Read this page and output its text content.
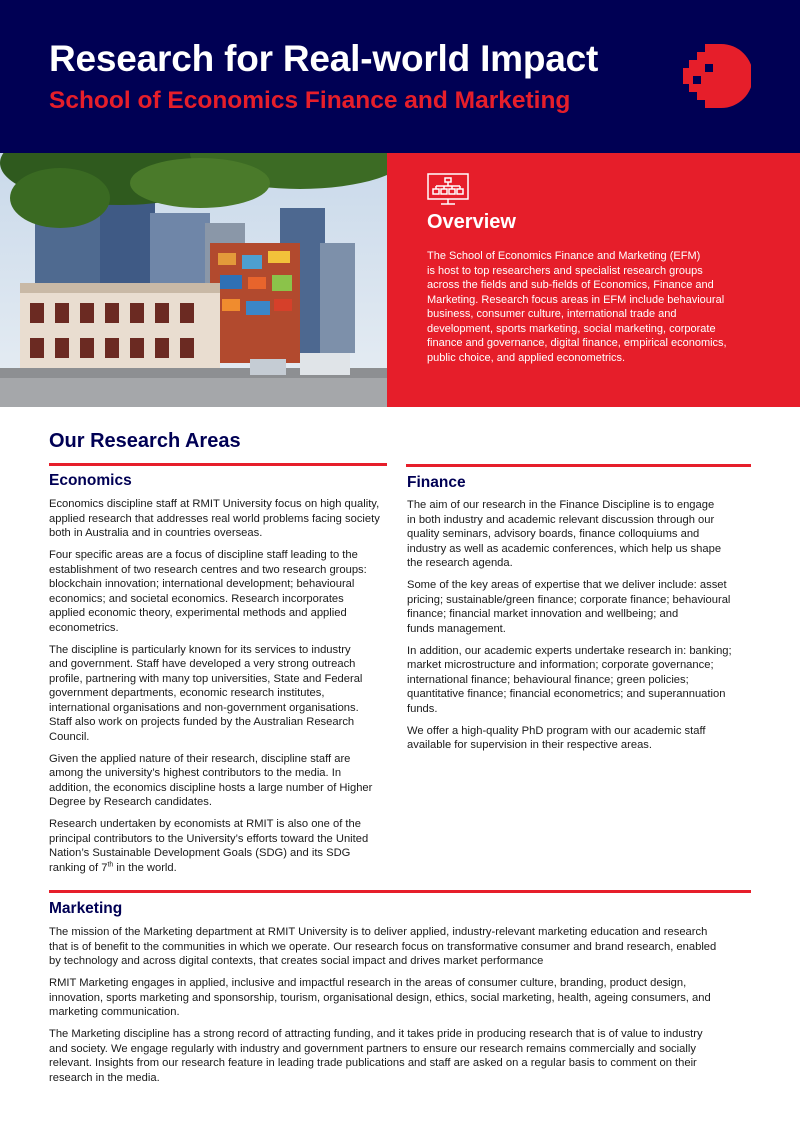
Research for Real-world Impact
School of Economics Finance and Marketing
Overview
The School of Economics Finance and Marketing (EFM)
is host to top researchers and specialist research groups
across the fields and sub-fields of Economics, Finance and
Marketing. Research focus areas in EFM include behavioural
business, consumer culture, international trade and
development, sports marketing, social marketing, corporate
finance and governance, digital finance, empirical economics,
public choice, and applied econometrics.
Our Research Areas
Economics

Economics discipline staff at RMIT University focus on high quality,
applied research that addresses real world problems facing society
both in Australia and in countries overseas.

Four specific areas are a focus of discipline staff leading to the
establishment of two research centres and two research groups:
blockchain innovation; international development; behavioural
economics; and societal economics. Research incorporates
applied economic theory, experimental methods and applied
econometrics.

The discipline is particularly known for its services to industry
and government. Staff have developed a very strong outreach
profile, partnering with many top universities, State and Federal
government departments, economic research institutes,
international organisations and non-government organisations.
Staff also work on projects funded by the Australian Research
Council.

Given the applied nature of their research, discipline staff are
among the university’s highest contributors to the media. In
addition, the economics discipline hosts a large number of Higher
Degree by Research candidates.

Research undertaken by economists at RMIT is also one of the
principal contributors to the University’s efforts toward the United
Nation’s Sustainable Development Goals (SDG) and its SDG
ranking of 7th in the world.

Finance

The aim of our research in the Finance Discipline is to engage
in both industry and academic relevant discussion through our
quality seminars, advisory boards, finance colloquiums and
industry as well as academic conferences, which help us shape
the research agenda.

Some of the key areas of expertise that we deliver include: asset
pricing; sustainable/green finance; corporate finance; behavioural
finance; financial market innovation and wellbeing; and
funds management.

In addition, our academic experts undertake research in: banking;
market microstructure and information; corporate governance;
international finance; behavioural finance; green policies;
quantitative finance; financial econometrics; and superannuation
funds.

We offer a high-quality PhD program with our academic staff
available for supervision in their respective areas.

Marketing

The mission of the Marketing department at RMIT University is to deliver applied, industry-relevant marketing education and research
that is of benefit to the communities in which we operate. Our research focus on transformative consumer and brand research, enabled
by technology and across digital contexts, that creates social impact and drives market performance

RMIT Marketing engages in applied, inclusive and impactful research in the areas of consumer culture, branding, product design,
innovation, sports marketing and sponsorship, tourism, organisational design, ethics, social marketing, health, ageing consumers, and
marketing communication.

The Marketing discipline has a strong record of attracting funding, and it takes pride in producing research that is of value to industry
and society. We engage regularly with industry and government partners to ensure our research remains commercially and socially
relevant. Insights from our research feature in leading trade publications and staff are asked on a regular basis to comment on their
research in the media.
